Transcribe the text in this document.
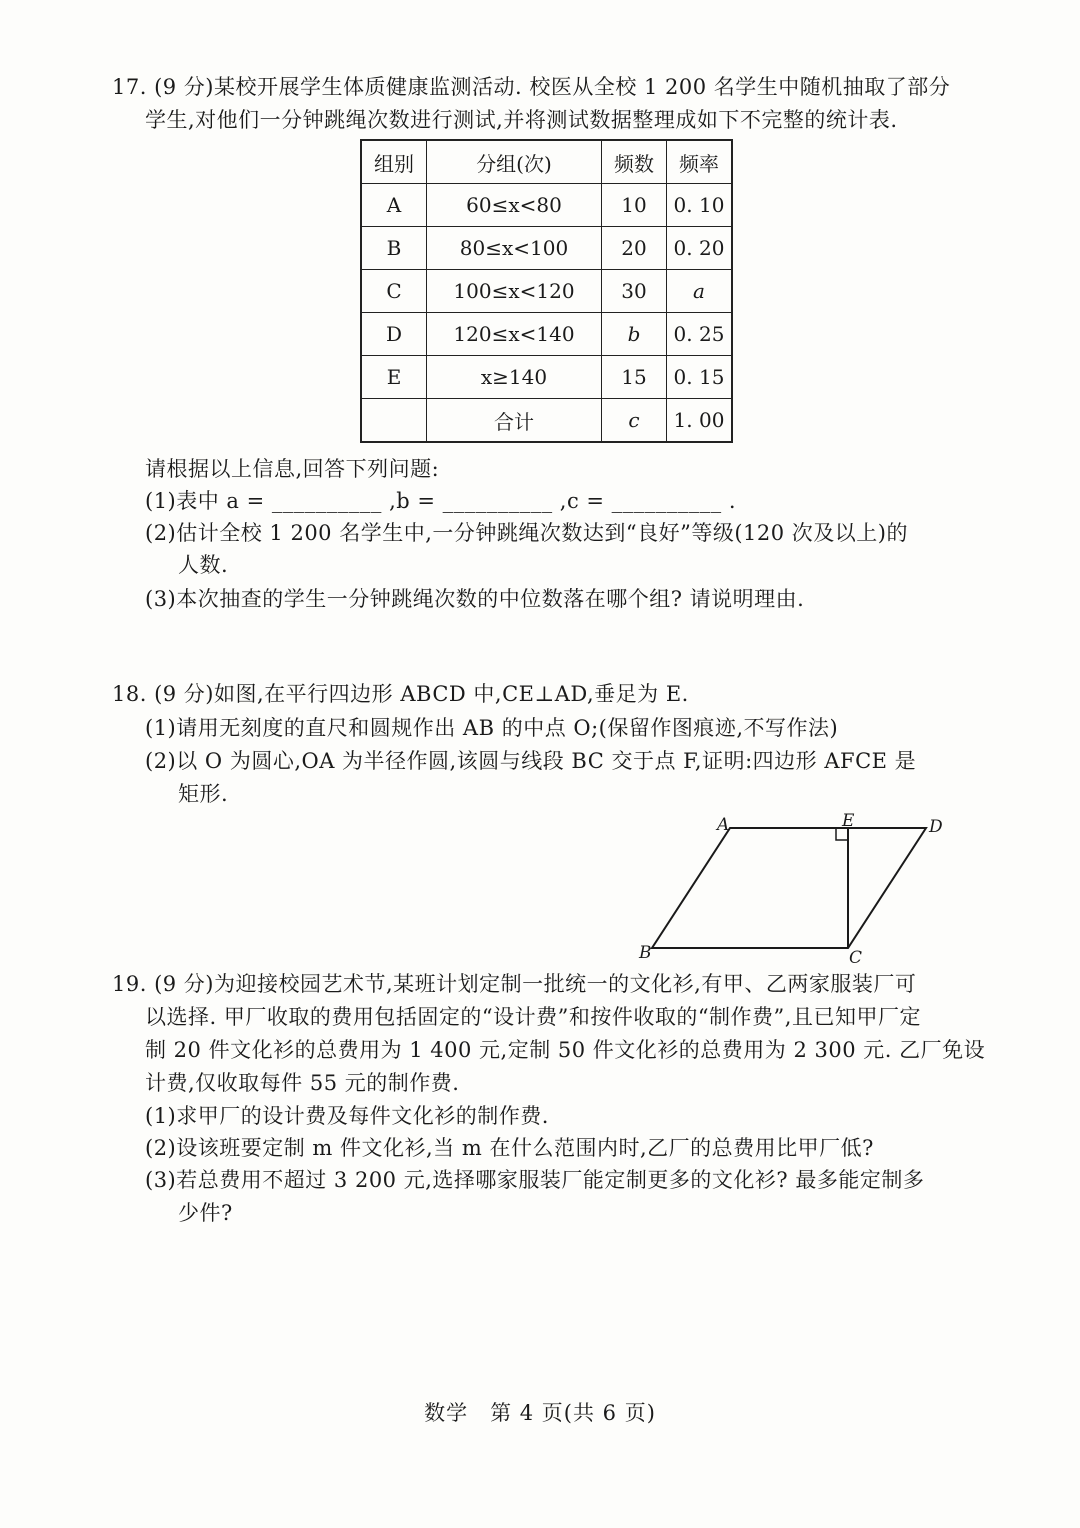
17. (9 分)某校开展学生体质健康监测活动. 校医从全校 1 200 名学生中随机抽取了部分
学生,对他们一分钟跳绳次数进行测试,并将测试数据整理成如下不完整的统计表.
组别	分组(次)	频数	频率
A	60≤x<80	10	0. 10
B	80≤x<100	20	0. 20
C	100≤x<120	30	a
D	120≤x<140	b	0. 25
E	x≥140	15	0. 15
	合计	c	1. 00
请根据以上信息,回答下列问题:
(1)表中 a = __________ ,b = __________ ,c = __________ .
(2)估计全校 1 200 名学生中,一分钟跳绳次数达到“良好”等级(120 次及以上)的
人数.
(3)本次抽查的学生一分钟跳绳次数的中位数落在哪个组? 请说明理由.
18. (9 分)如图,在平行四边形 ABCD 中,CE⊥AD,垂足为 E.
(1)请用无刻度的直尺和圆规作出 AB 的中点 O;(保留作图痕迹,不写作法)
(2)以 O 为圆心,OA 为半径作圆,该圆与线段 BC 交于点 F,证明:四边形 AFCE 是
矩形.
A	E	D
B	C
19. (9 分)为迎接校园艺术节,某班计划定制一批统一的文化衫,有甲、乙两家服装厂可
以选择. 甲厂收取的费用包括固定的“设计费”和按件收取的“制作费”,且已知甲厂定
制 20 件文化衫的总费用为 1 400 元,定制 50 件文化衫的总费用为 2 300 元. 乙厂免设
计费,仅收取每件 55 元的制作费.
(1)求甲厂的设计费及每件文化衫的制作费.
(2)设该班要定制 m 件文化衫,当 m 在什么范围内时,乙厂的总费用比甲厂低?
(3)若总费用不超过 3 200 元,选择哪家服装厂能定制更多的文化衫? 最多能定制多
少件?
数学　第 4 页(共 6 页)
